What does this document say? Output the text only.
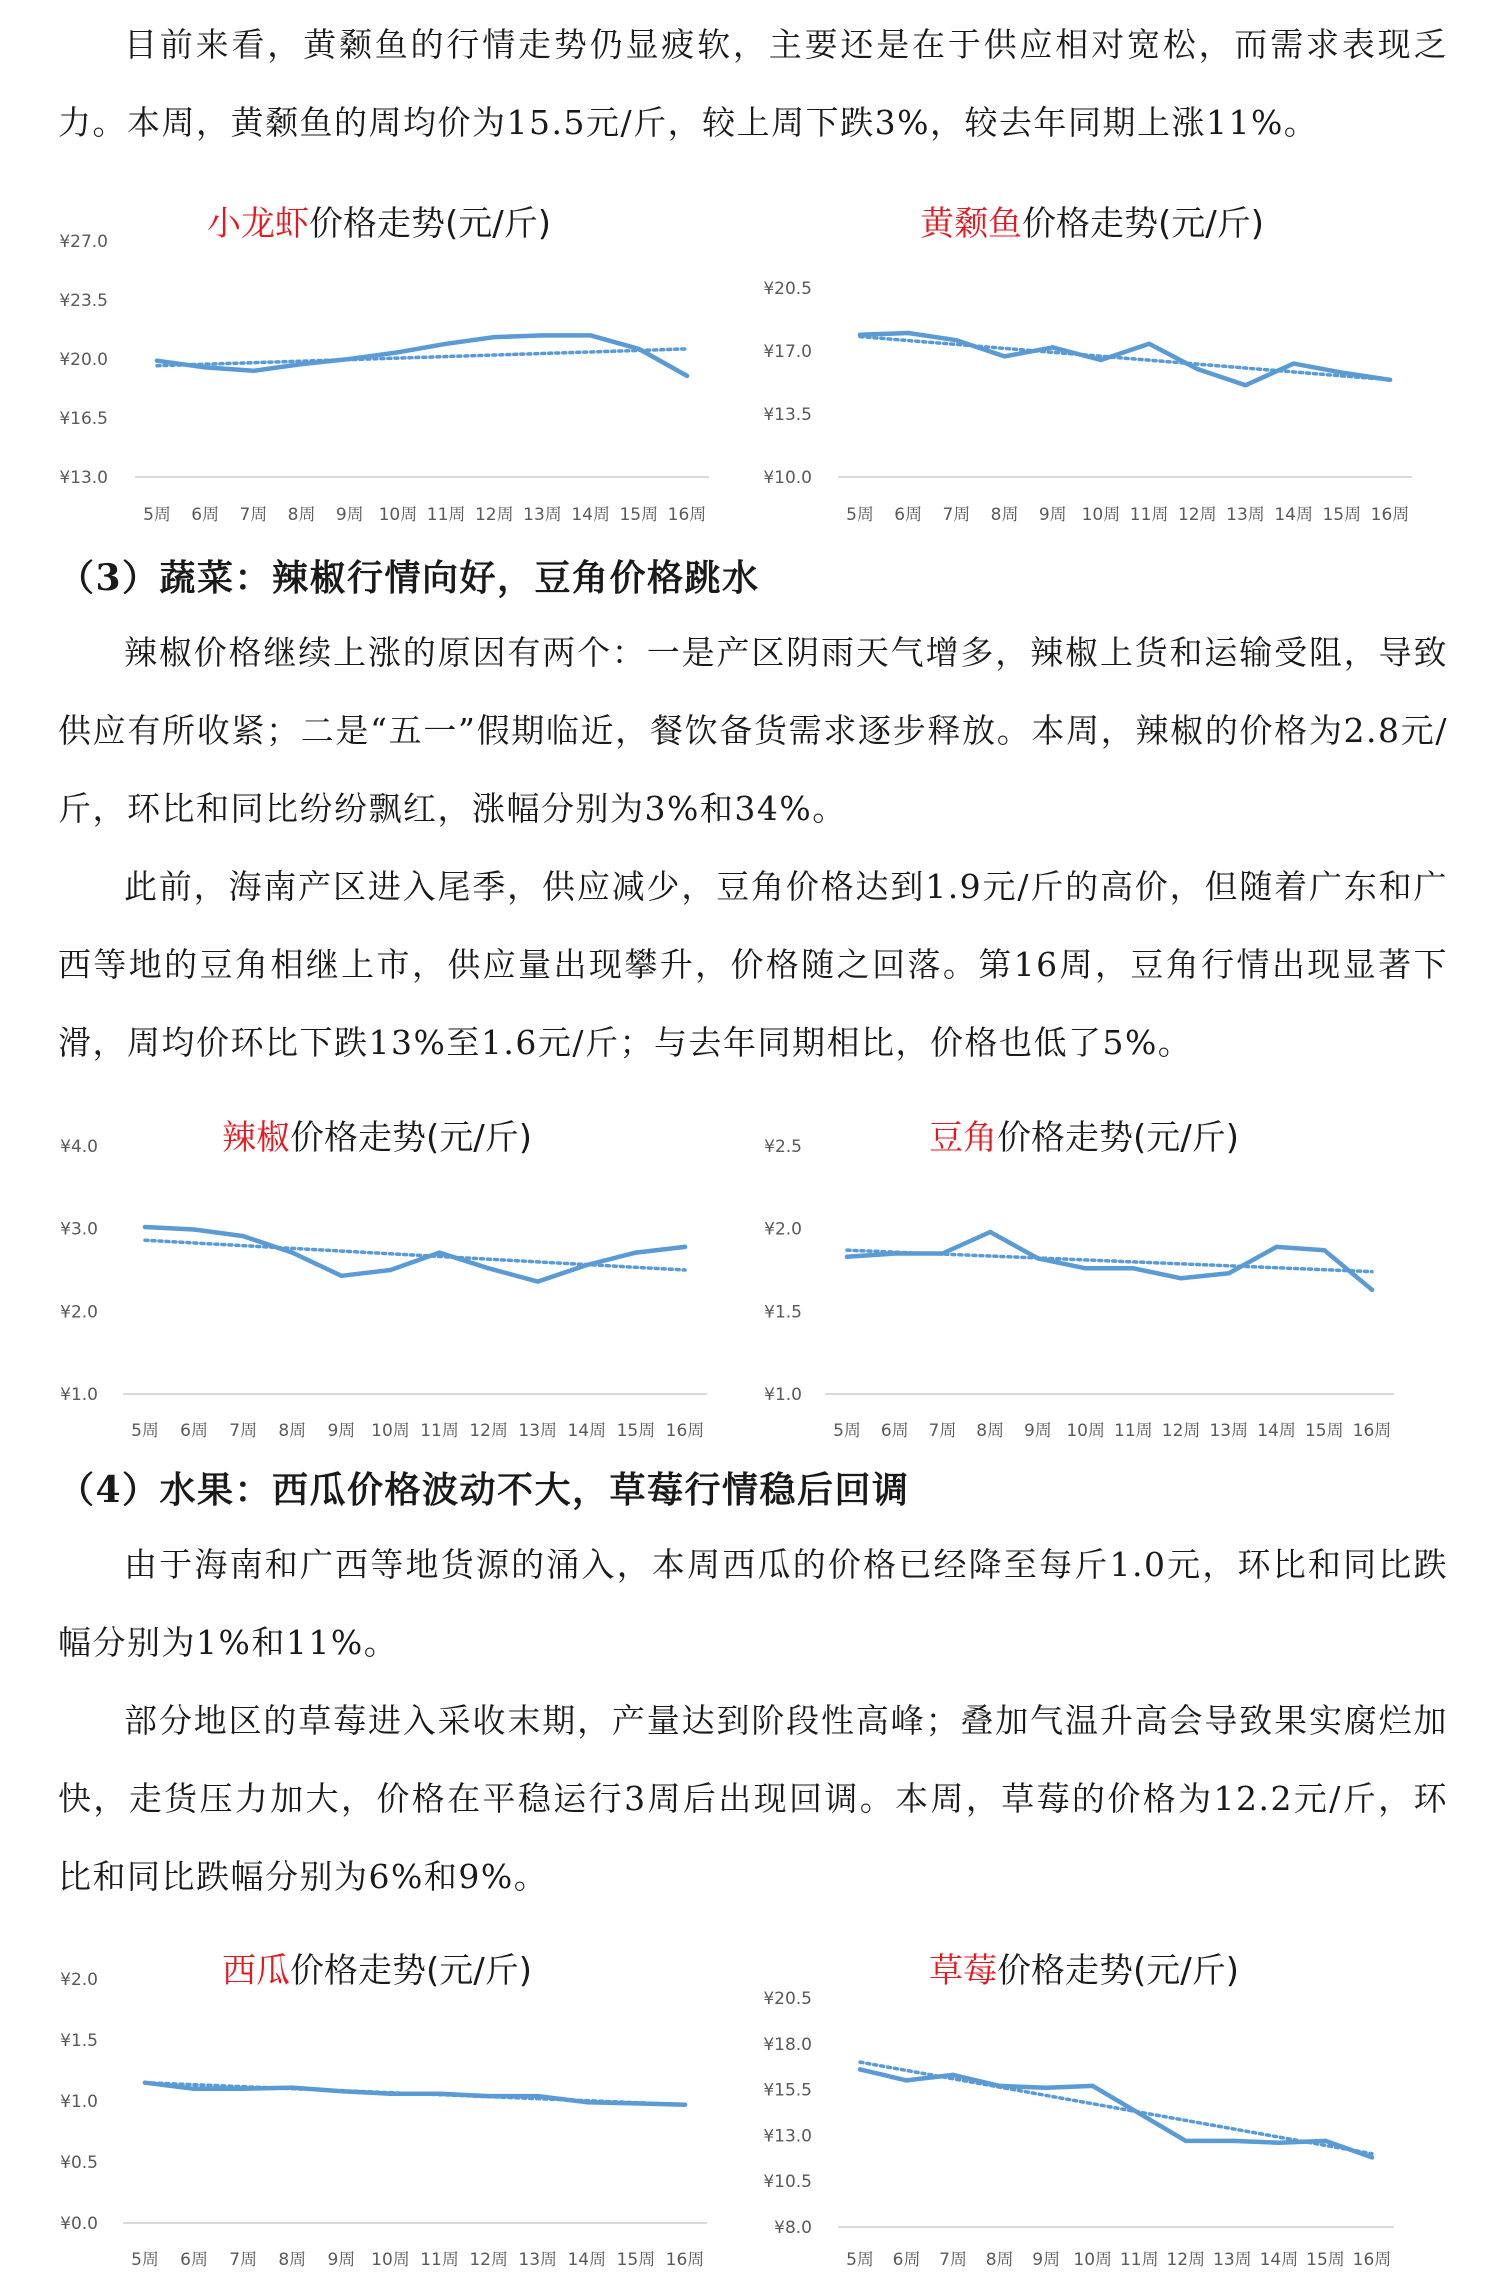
目前来看，黄颡鱼的行情走势仍显疲软，主要还是在于供应相对宽松，而需求表现乏力。本周，黄颡鱼的周均价为15.5元/斤，较上周下跌3%，较去年同期上涨11%。

小龙虾价格走势(元/斤)
¥13.0
¥16.5
¥20.0
¥23.5
¥27.0
5周 6周 7周 8周 9周 10周 11周 12周 13周 14周 15周 16周
黄颡鱼价格走势(元/斤)
¥10.0
¥13.5
¥17.0
¥20.5
5周 6周 7周 8周 9周 10周 11周 12周 13周 14周 15周 16周
（3）蔬菜：辣椒行情向好，豆角价格跳水

辣椒价格继续上涨的原因有两个：一是产区阴雨天气增多，辣椒上货和运输受阻，导致供应有所收紧；二是“五一”假期临近，餐饮备货需求逐步释放。本周，辣椒的价格为2.8元/斤，环比和同比纷纷飘红，涨幅分别为3%和34%。

此前，海南产区进入尾季，供应减少，豆角价格达到1.9元/斤的高价，但随着广东和广西等地的豆角相继上市，供应量出现攀升，价格随之回落。第16周，豆角行情出现显著下滑，周均价环比下跌13%至1.6元/斤；与去年同期相比，价格也低了5%。

辣椒价格走势(元/斤)
¥1.0
¥2.0
¥3.0
¥4.0
5周 6周 7周 8周 9周 10周 11周 12周 13周 14周 15周 16周
豆角价格走势(元/斤)
¥1.0
¥1.5
¥2.0
¥2.5
5周 6周 7周 8周 9周 10周 11周 12周 13周 14周 15周 16周
（4）水果：西瓜价格波动不大，草莓行情稳后回调

由于海南和广西等地货源的涌入，本周西瓜的价格已经降至每斤1.0元，环比和同比跌幅分别为1%和11%。

部分地区的草莓进入采收末期，产量达到阶段性高峰；叠加气温升高会导致果实腐烂加快，走货压力加大，价格在平稳运行3周后出现回调。本周，草莓的价格为12.2元/斤，环比和同比跌幅分别为6%和9%。

西瓜价格走势(元/斤)
¥0.0
¥0.5
¥1.0
¥1.5
¥2.0
5周 6周 7周 8周 9周 10周 11周 12周 13周 14周 15周 16周
草莓价格走势(元/斤)
¥8.0
¥10.5
¥13.0
¥15.5
¥18.0
¥20.5
5周 6周 7周 8周 9周 10周 11周 12周 13周 14周 15周 16周
